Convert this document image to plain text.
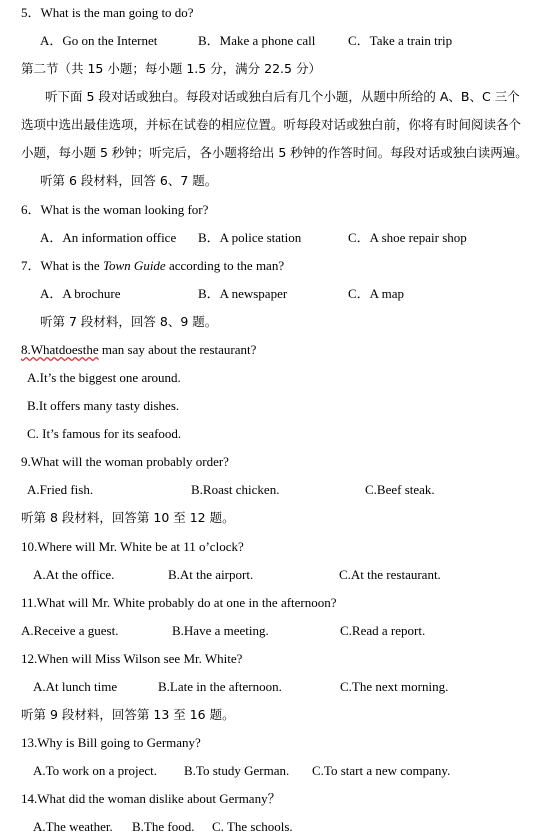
5．What is the man going to do?
A．Go on the Internet	B．Make a phone call	C．Take a train trip
第二节（共 15 小题；每小题 1.5 分，满分 22.5 分）
听下面 5 段对话或独白。每段对话或独白后有几个小题，从题中所给的 A、B、C 三个
选项中选出最佳选项，并标在试卷的相应位置。听每段对话或独白前，你将有时间阅读各个
小题，每小题 5 秒钟；听完后，各小题将给出 5 秒钟的作答时间。每段对话或独白读两遍。
听第 6 段材料，回答 6、7 题。
6．What is the woman looking for?
A．An information office B．A police station	C．A shoe repair shop
7．What is the Town Guide according to the man?
A．A brochure	B．A newspaper	C．A map
听第 7 段材料，回答 8、9 题。
8.Whatdoesthe man say about the restaurant?
A.It’s the biggest one around.
B.It offers many tasty dishes.
C. It’s famous for its seafood.
9.What will the woman probably order?
A.Fried fish.	B.Roast chicken.	C.Beef steak.
听第 8 段材料，回答第 10 至 12 题。
10.Where will Mr. White be at 11 o’clock?
A.At the office.	B.At the airport.	C.At the restaurant.
11.What will Mr. White probably do at one in the afternoon?
A.Receive a guest.	B.Have a meeting.	C.Read a report.
12.When will Miss Wilson see Mr. White?
A.At lunch time	B.Late in the afternoon.	C.The next morning.
听第 9 段材料，回答第 13 至 16 题。
13.Why is Bill going to Germany?
A.To work on a project. B.To study German. C.To start a new company.
14.What did the woman dislike about Germany？
A.The weather. B.The food. C. The schools.
